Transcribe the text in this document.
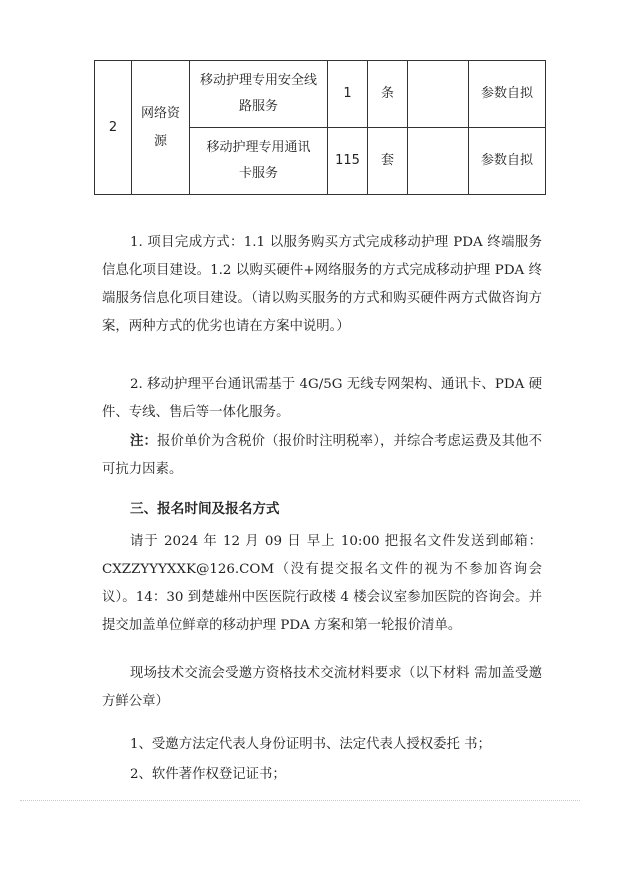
2	网络资源	移动护理专用安全线路服务	1	条		参数自拟
		移动护理专用通讯卡服务	115	套		参数自拟

1. 项目完成方式：1.1 以服务购买方式完成移动护理 PDA 终端服务信息化项目建设。1.2 以购买硬件+网络服务的方式完成移动护理 PDA 终端服务信息化项目建设。（请以购买服务的方式和购买硬件两方式做咨询方案，两种方式的优劣也请在方案中说明。）

2. 移动护理平台通讯需基于 4G/5G 无线专网架构、通讯卡、PDA 硬件、专线、售后等一体化服务。

注：报价单价为含税价（报价时注明税率），并综合考虑运费及其他不可抗力因素。

三、报名时间及报名方式

请于 2024 年 12 月 09 日 早上 10:00 把报名文件发送到邮箱：CXZZYYYXXK@126.COM（没有提交报名文件的视为不参加咨询会议）。14：30 到楚雄州中医医院行政楼 4 楼会议室参加医院的咨询会。并提交加盖单位鲜章的移动护理 PDA 方案和第一轮报价清单。

现场技术交流会受邀方资格技术交流材料要求（以下材料 需加盖受邀方鲜公章）

1、受邀方法定代表人身份证明书、法定代表人授权委托 书；

2、软件著作权登记证书；
